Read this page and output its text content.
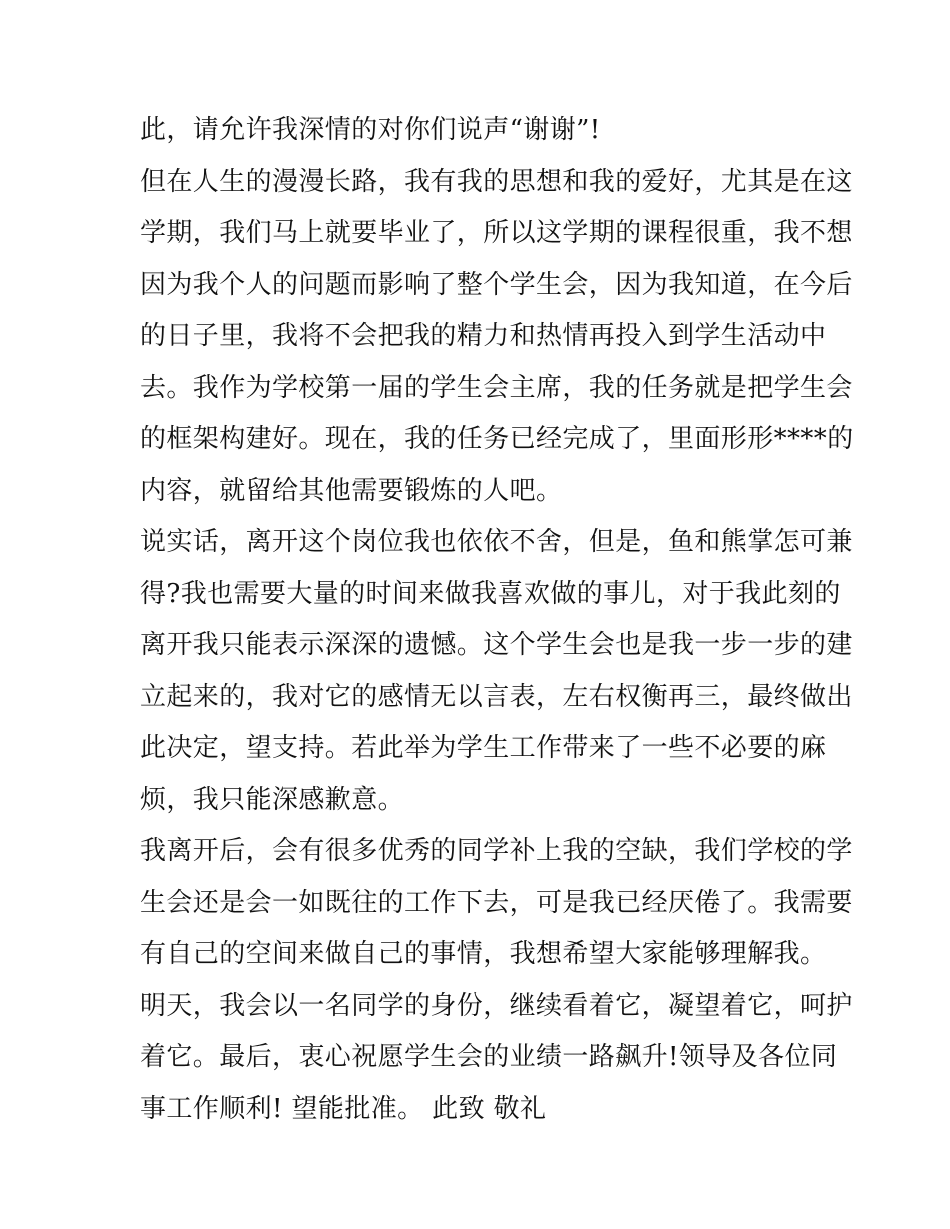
此，请允许我深情的对你们说声“谢谢”!
但在人生的漫漫长路，我有我的思想和我的爱好，尤其是在这
学期，我们马上就要毕业了，所以这学期的课程很重，我不想
因为我个人的问题而影响了整个学生会，因为我知道，在今后
的日子里，我将不会把我的精力和热情再投入到学生活动中
去。我作为学校第一届的学生会主席，我的任务就是把学生会
的框架构建好。现在，我的任务已经完成了，里面形形****的
内容，就留给其他需要锻炼的人吧。
说实话，离开这个岗位我也依依不舍，但是，鱼和熊掌怎可兼
得?我也需要大量的时间来做我喜欢做的事儿，对于我此刻的
离开我只能表示深深的遗憾。这个学生会也是我一步一步的建
立起来的，我对它的感情无以言表，左右权衡再三，最终做出
此决定，望支持。若此举为学生工作带来了一些不必要的麻
烦，我只能深感歉意。
我离开后，会有很多优秀的同学补上我的空缺，我们学校的学
生会还是会一如既往的工作下去，可是我已经厌倦了。我需要
有自己的空间来做自己的事情，我想希望大家能够理解我。
明天，我会以一名同学的身份，继续看着它，凝望着它，呵护
着它。最后，衷心祝愿学生会的业绩一路飙升!领导及各位同
事工作顺利! 望能批准。 此致 敬礼
